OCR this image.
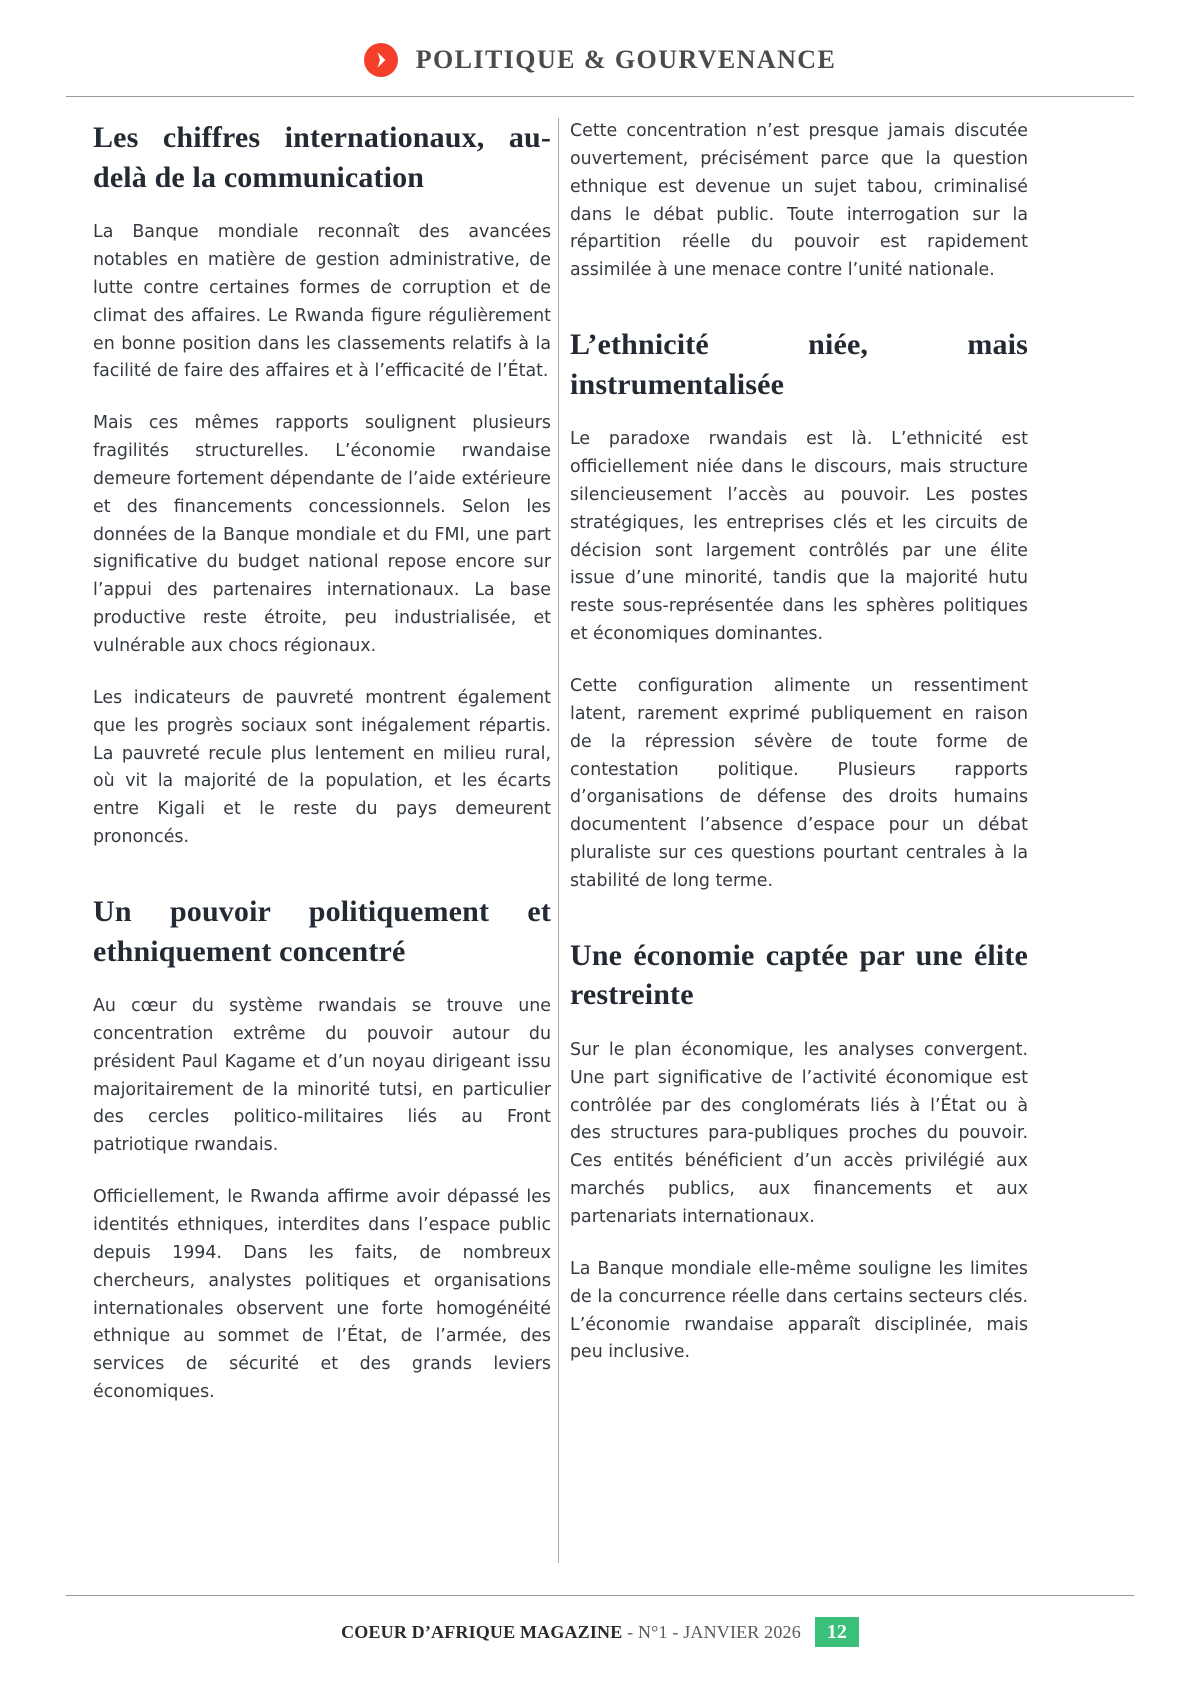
POLITIQUE & GOURVENANCE
Les chiffres internationaux, au-delà de la communication

La Banque mondiale reconnaît des avancées notables en matière de gestion administrative, de lutte contre certaines formes de corruption et de climat des affaires. Le Rwanda figure régulièrement en bonne position dans les classements relatifs à la facilité de faire des affaires et à l’efficacité de l’État.

Mais ces mêmes rapports soulignent plusieurs fragilités structurelles. L’économie rwandaise demeure fortement dépendante de l’aide extérieure et des financements concessionnels. Selon les données de la Banque mondiale et du FMI, une part significative du budget national repose encore sur l’appui des partenaires internationaux. La base productive reste étroite, peu industrialisée, et vulnérable aux chocs régionaux.

Les indicateurs de pauvreté montrent également que les progrès sociaux sont inégalement répartis. La pauvreté recule plus lentement en milieu rural, où vit la majorité de la population, et les écarts entre Kigali et le reste du pays demeurent prononcés.

Un pouvoir politiquement et ethniquement concentré

Au cœur du système rwandais se trouve une concentration extrême du pouvoir autour du président Paul Kagame et d’un noyau dirigeant issu majoritairement de la minorité tutsi, en particulier des cercles politico-militaires liés au Front patriotique rwandais.

Officiellement, le Rwanda affirme avoir dépassé les identités ethniques, interdites dans l’espace public depuis 1994. Dans les faits, de nombreux chercheurs, analystes politiques et organisations internationales observent une forte homogénéité ethnique au sommet de l’État, de l’armée, des services de sécurité et des grands leviers économiques.

Cette concentration n’est presque jamais discutée ouvertement, précisément parce que la question ethnique est devenue un sujet tabou, criminalisé dans le débat public. Toute interrogation sur la répartition réelle du pouvoir est rapidement assimilée à une menace contre l’unité nationale.

L’ethnicité niée, mais instrumentalisée

Le paradoxe rwandais est là. L’ethnicité est officiellement niée dans le discours, mais structure silencieusement l’accès au pouvoir. Les postes stratégiques, les entreprises clés et les circuits de décision sont largement contrôlés par une élite issue d’une minorité, tandis que la majorité hutu reste sous-représentée dans les sphères politiques et économiques dominantes.

Cette configuration alimente un ressentiment latent, rarement exprimé publiquement en raison de la répression sévère de toute forme de contestation politique. Plusieurs rapports d’organisations de défense des droits humains documentent l’absence d’espace pour un débat pluraliste sur ces questions pourtant centrales à la stabilité de long terme.

Une économie captée par une élite restreinte

Sur le plan économique, les analyses convergent. Une part significative de l’activité économique est contrôlée par des conglomérats liés à l’État ou à des structures para-publiques proches du pouvoir. Ces entités bénéficient d’un accès privilégié aux marchés publics, aux financements et aux partenariats internationaux.

La Banque mondiale elle-même souligne les limites de la concurrence réelle dans certains secteurs clés. L’économie rwandaise apparaît disciplinée, mais peu inclusive.

COEUR D’AFRIQUE MAGAZINE - N°1 - JANVIER 2026	12
